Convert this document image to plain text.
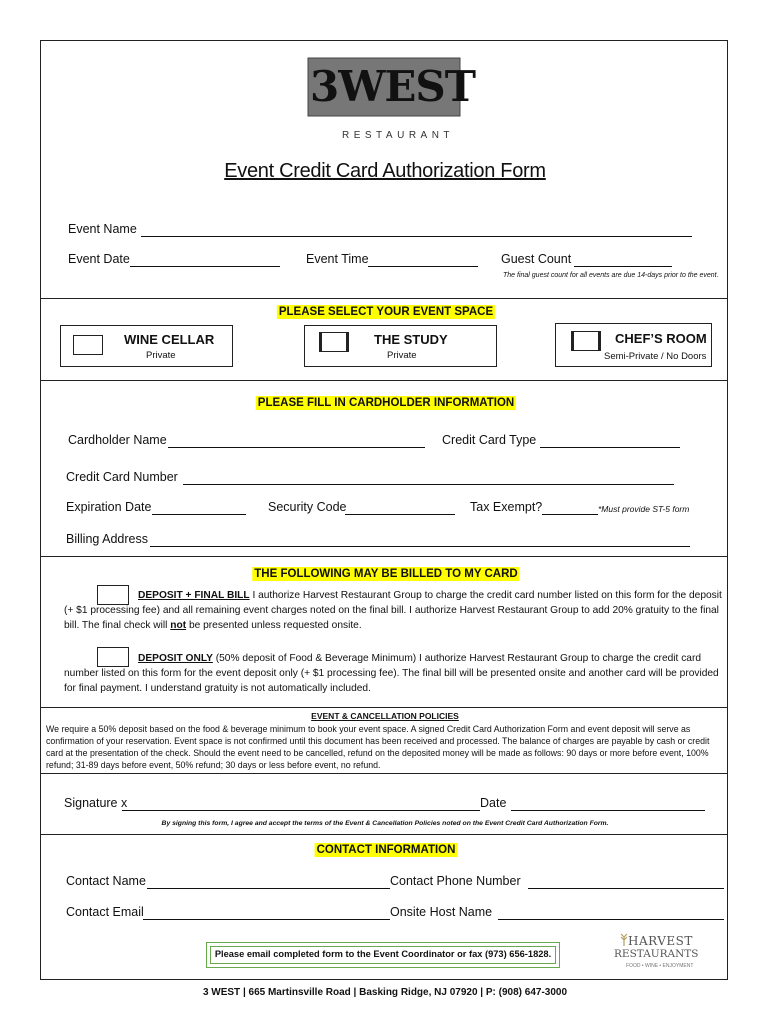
3WEST
RESTAURANT
Event Credit Card Authorization Form
Event Name
Event Date	Event Time	Guest Count
The final guest count for all events are due 14-days prior to the event.
PLEASE SELECT YOUR EVENT SPACE
WINE CELLAR
Private
THE STUDY
Private
CHEF’S ROOM
Semi-Private / No Doors
PLEASE FILL IN CARDHOLDER INFORMATION
Cardholder Name	Credit Card Type
Credit Card Number
Expiration Date	Security Code	Tax Exempt?	*Must provide ST-5 form
Billing Address
THE FOLLOWING MAY BE BILLED TO MY CARD
DEPOSIT + FINAL BILL I authorize Harvest Restaurant Group to charge the credit card number listed on this form for the deposit (+ $1 processing fee) and all remaining event charges noted on the final bill. I authorize Harvest Restaurant Group to add 20% gratuity to the final bill. The final check will not be presented unless requested onsite.
DEPOSIT ONLY (50% deposit of Food & Beverage Minimum) I authorize Harvest Restaurant Group to charge the credit card number listed on this form for the event deposit only (+ $1 processing fee). The final bill will be presented onsite and another card will be provided for final payment. I understand gratuity is not automatically included.
EVENT & CANCELLATION POLICIES
We require a 50% deposit based on the food & beverage minimum to book your event space. A signed Credit Card Authorization Form and event deposit will serve as confirmation of your reservation. Event space is not confirmed until this document has been received and processed. The balance of charges are payable by cash or credit card at the presentation of the check. Should the event need to be cancelled, refund on the deposited money will be made as follows: 90 days or more before event, 100% refund; 31-89 days before event, 50% refund; 30 days or less before event, no refund.
Signature x	Date
By signing this form, I agree and accept the terms of the Event & Cancellation Policies noted on the Event Credit Card Authorization Form.
CONTACT INFORMATION
Contact Name	Contact Phone Number
Contact Email	Onsite Host Name
Please email completed form to the Event Coordinator or fax (973) 656-1828.
HARVEST
RESTAURANTS
FOOD • WINE • ENJOYMENT
3 WEST | 665 Martinsville Road | Basking Ridge, NJ 07920 | P: (908) 647-3000
